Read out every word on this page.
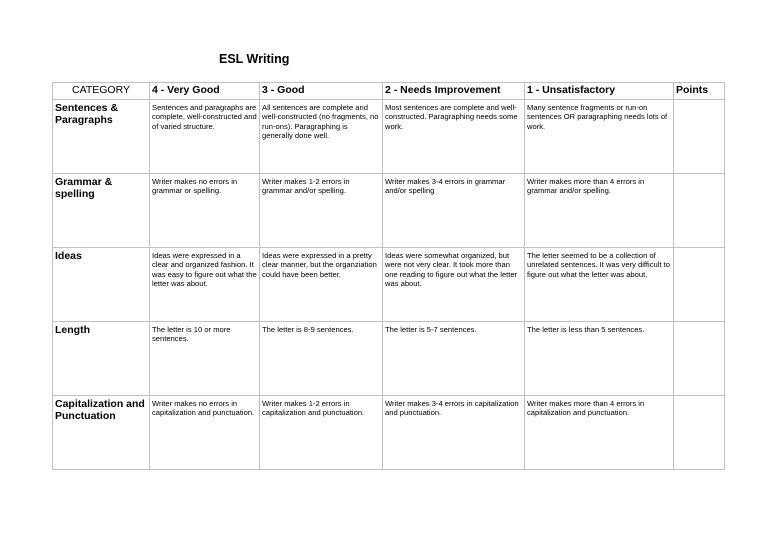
ESL Writing
CATEGORY	4 - Very Good	3 - Good	2 - Needs Improvement	1 - Unsatisfactory	Points
Sentences & Paragraphs	Sentences and paragraphs are complete, well-constructed and of varied structure.	All sentences are complete and well-constructed (no fragments, no run-ons). Paragraphing is generally done well.	Most sentences are complete and well-constructed. Paragraphing needs some work.	Many sentence fragments or run-on sentences OR paragraphing needs lots of work.	
Grammar & spelling	Writer makes no errors in grammar or spelling.	Writer makes 1-2 errors in grammar and/or spelling.	Writer makes 3-4 errors in grammar and/or spelling	Writer makes more than 4 errors in grammar and/or spelling.	
Ideas	Ideas were expressed in a clear and organized fashion. It was easy to figure out what the letter was about.	Ideas were expressed in a pretty clear manner, but the organziation could have been better.	Ideas were somewhat organized, but were not very clear. It took more than one reading to figure out what the letter was about.	The letter seemed to be a collection of unrelated sentences. It was very difficult to figure out what the letter was about.	
Length	The letter is 10 or more sentences.	The letter is 8-9 sentences.	The letter is 5-7 sentences.	The letter is less than 5 sentences.	
Capitalization and Punctuation	Writer makes no errors in capitalization and punctuation.	Writer makes 1-2 errors in capitalization and punctuation.	Writer makes 3-4 errors in capitalization and punctuation.	Writer makes more than 4 errors in capitalization and punctuation.	
